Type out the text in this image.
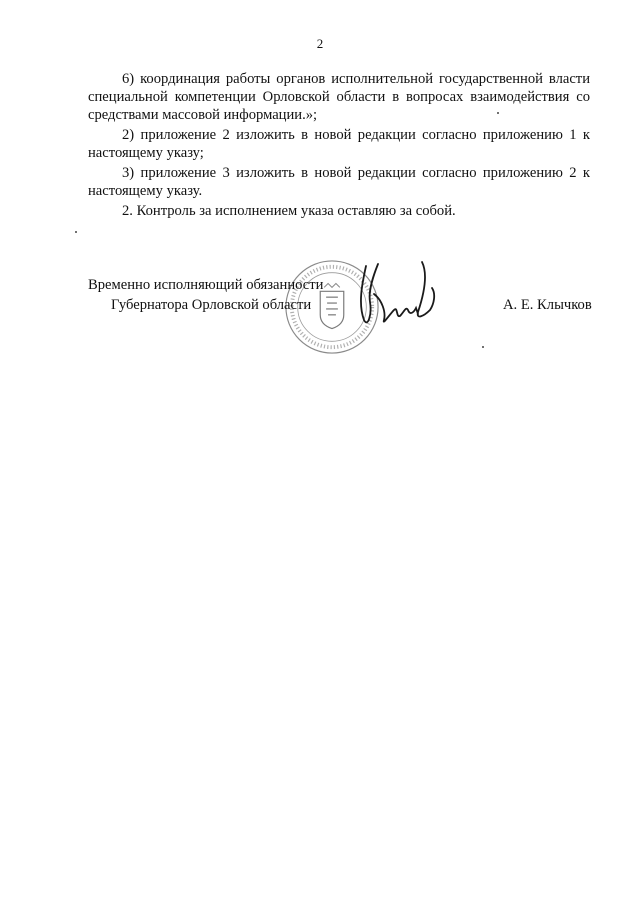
2

6) координация работы органов исполнительной государственной власти специальной компетенции Орловской области в вопросах взаимодействия со средствами массовой информации.»;

2) приложение 2 изложить в новой редакции согласно приложению 1 к настоящему указу;

3) приложение 3 изложить в новой редакции согласно приложению 2 к настоящему указу.

2. Контроль за исполнением указа оставляю за собой.

Временно исполняющий обязанности
Губернатора Орловской области	А. Е. Клычков
